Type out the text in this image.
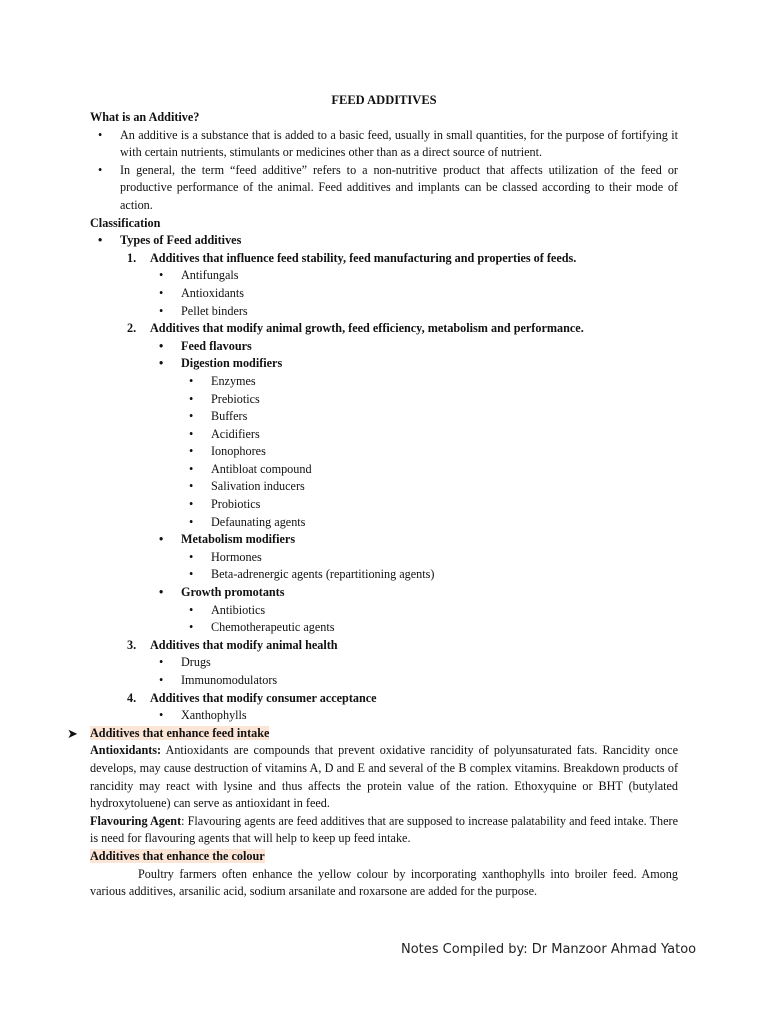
FEED ADDITIVES
What is an Additive?
• An additive is a substance that is added to a basic feed, usually in small quantities, for the purpose of fortifying it with certain nutrients, stimulants or medicines other than as a direct source of nutrient.
• In general, the term “feed additive” refers to a non-nutritive product that affects utilization of the feed or productive performance of the animal. Feed additives and implants can be classed according to their mode of action.
Classification
• Types of Feed additives
1. Additives that influence feed stability, feed manufacturing and properties of feeds.
• Antifungals
• Antioxidants
• Pellet binders
2. Additives that modify animal growth, feed efficiency, metabolism and performance.
• Feed flavours
• Digestion modifiers
• Enzymes
• Prebiotics
• Buffers
• Acidifiers
• Ionophores
• Antibloat compound
• Salivation inducers
• Probiotics
• Defaunating agents
• Metabolism modifiers
• Hormones
• Beta-adrenergic agents (repartitioning agents)
• Growth promotants
• Antibiotics
• Chemotherapeutic agents
3. Additives that modify animal health
• Drugs
• Immunomodulators
4. Additives that modify consumer acceptance
• Xanthophylls
➤ Additives that enhance feed intake
Antioxidants: Antioxidants are compounds that prevent oxidative rancidity of polyunsaturated fats. Rancidity once develops, may cause destruction of vitamins A, D and E and several of the B complex vitamins. Breakdown products of rancidity may react with lysine and thus affects the protein value of the ration. Ethoxyquine or BHT (butylated hydroxytoluene) can serve as antioxidant in feed.
Flavouring Agent: Flavouring agents are feed additives that are supposed to increase palatability and feed intake. There is need for flavouring agents that will help to keep up feed intake.
Additives that enhance the colour
Poultry farmers often enhance the yellow colour by incorporating xanthophylls into broiler feed. Among various additives, arsanilic acid, sodium arsanilate and roxarsone are added for the purpose.
Notes Compiled by: Dr Manzoor Ahmad Yatoo
